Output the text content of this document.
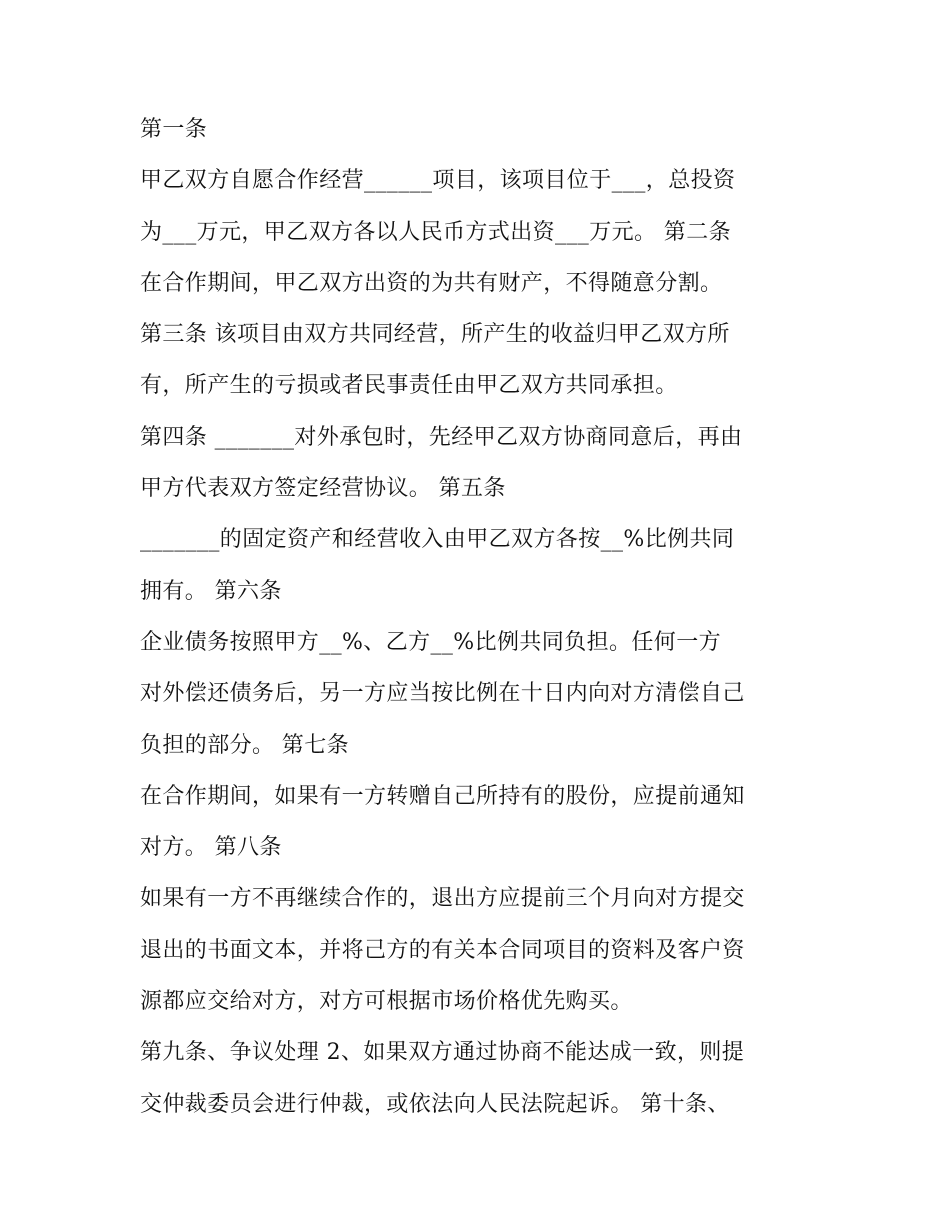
第一条
甲乙双方自愿合作经营______项目，该项目位于___，总投资
为___万元，甲乙双方各以人民币方式出资___万元。 第二条
在合作期间，甲乙双方出资的为共有财产，不得随意分割。
第三条 该项目由双方共同经营，所产生的收益归甲乙双方所
有，所产生的亏损或者民事责任由甲乙双方共同承担。
第四条 _______对外承包时，先经甲乙双方协商同意后，再由
甲方代表双方签定经营协议。 第五条
_______的固定资产和经营收入由甲乙双方各按__%比例共同
拥有。 第六条
企业债务按照甲方__%、乙方__%比例共同负担。任何一方
对外偿还债务后，另一方应当按比例在十日内向对方清偿自己
负担的部分。 第七条
在合作期间，如果有一方转赠自己所持有的股份，应提前通知
对方。 第八条
如果有一方不再继续合作的，退出方应提前三个月向对方提交
退出的书面文本，并将己方的有关本合同项目的资料及客户资
源都应交给对方，对方可根据市场价格优先购买。
第九条、争议处理 2、如果双方通过协商不能达成一致，则提
交仲裁委员会进行仲裁，或依法向人民法院起诉。 第十条、
